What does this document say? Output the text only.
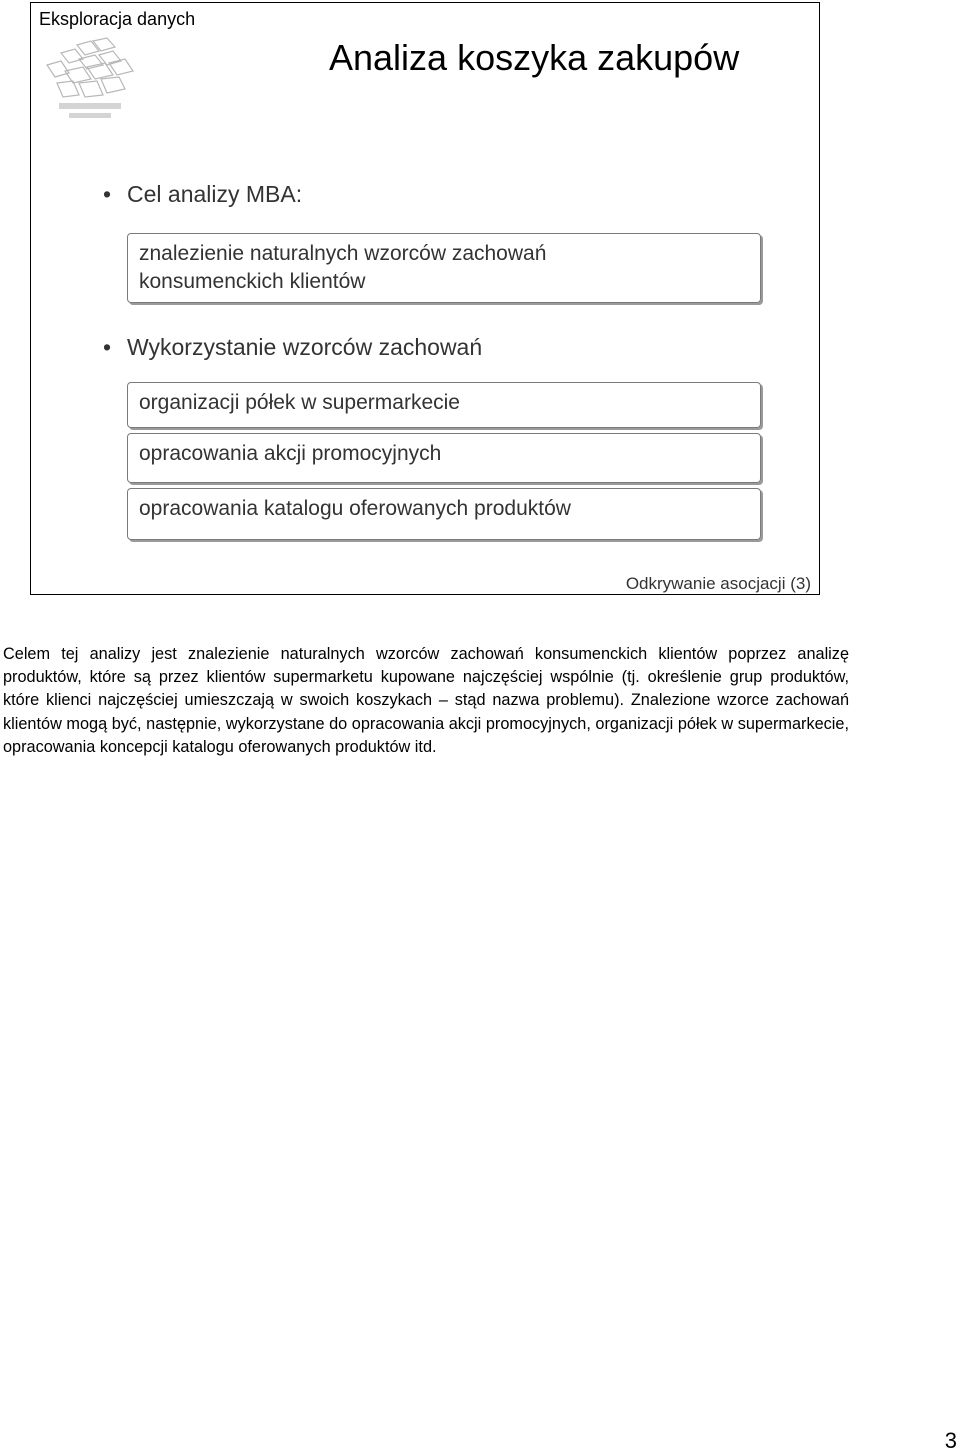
Eksploracja danych
Analiza koszyka zakupów
• Cel analizy MBA:
znalezienie naturalnych wzorców zachowań
konsumenckich klientów
• Wykorzystanie wzorców zachowań
organizacji półek w supermarkecie
opracowania akcji promocyjnych
opracowania katalogu oferowanych produktów
Odkrywanie asocjacji (3)

Celem tej analizy jest znalezienie naturalnych wzorców zachowań konsumenckich klientów poprzez analizę produktów, które są przez klientów supermarketu kupowane najczęściej wspólnie (tj. określenie grup produktów, które klienci najczęściej umieszczają w swoich koszykach – stąd nazwa problemu). Znalezione wzorce zachowań klientów mogą być, następnie, wykorzystane do opracowania akcji promocyjnych, organizacji półek w supermarkecie, opracowania koncepcji katalogu oferowanych produktów itd.

3
